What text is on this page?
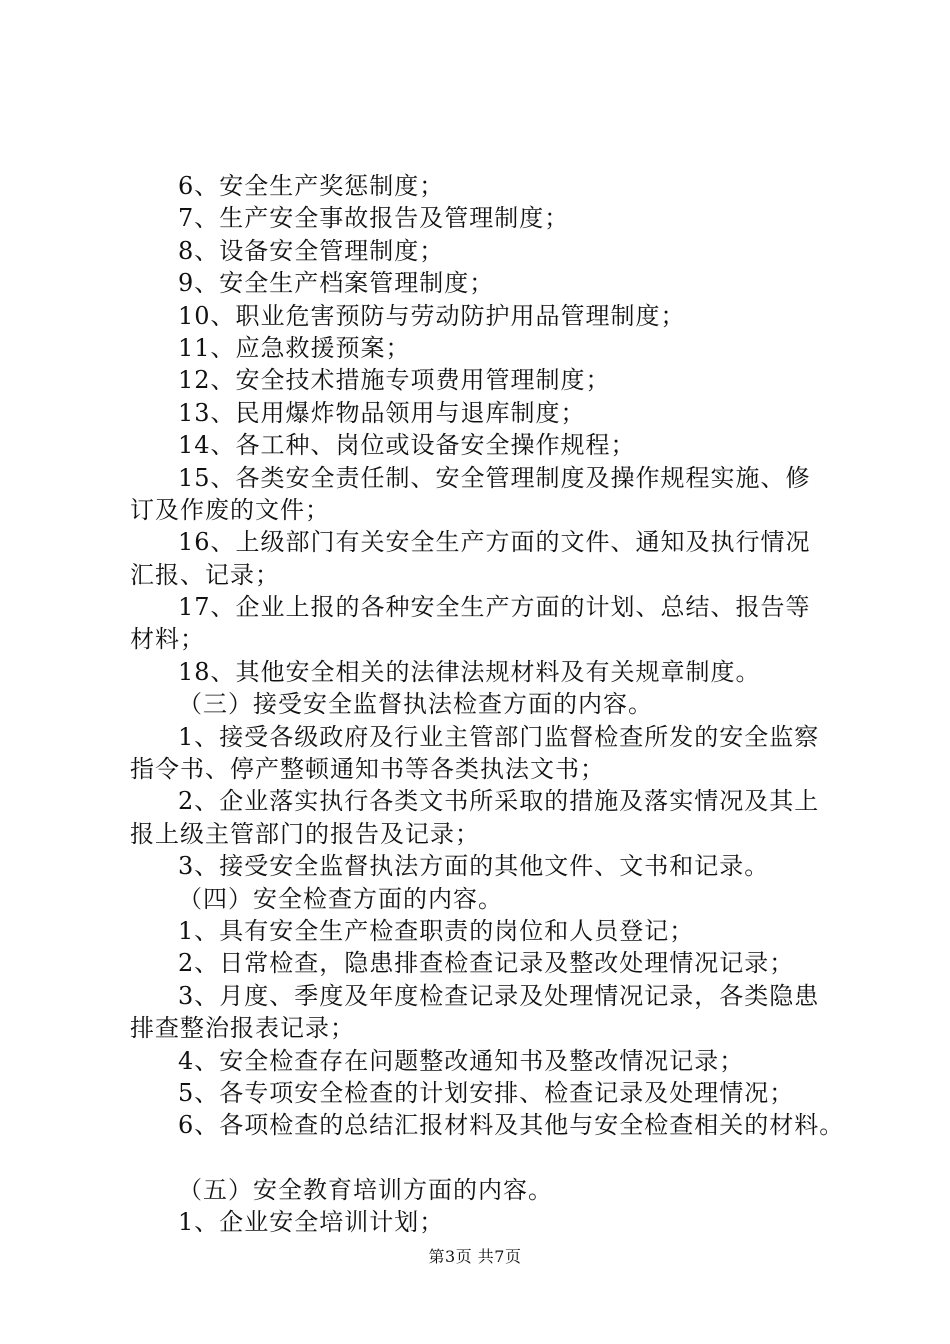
6、安全生产奖惩制度；
7、生产安全事故报告及管理制度；
8、设备安全管理制度；
9、安全生产档案管理制度；
10、职业危害预防与劳动防护用品管理制度；
11、应急救援预案；
12、安全技术措施专项费用管理制度；
13、民用爆炸物品领用与退库制度；
14、各工种、岗位或设备安全操作规程；
15、各类安全责任制、安全管理制度及操作规程实施、修
订及作废的文件；
16、上级部门有关安全生产方面的文件、通知及执行情况
汇报、记录；
17、企业上报的各种安全生产方面的计划、总结、报告等
材料；
18、其他安全相关的法律法规材料及有关规章制度。
（三）接受安全监督执法检查方面的内容。
1、接受各级政府及行业主管部门监督检查所发的安全监察
指令书、停产整顿通知书等各类执法文书；
2、企业落实执行各类文书所采取的措施及落实情况及其上
报上级主管部门的报告及记录；
3、接受安全监督执法方面的其他文件、文书和记录。
（四）安全检查方面的内容。
1、具有安全生产检查职责的岗位和人员登记；
2、日常检查，隐患排查检查记录及整改处理情况记录；
3、月度、季度及年度检查记录及处理情况记录，各类隐患
排查整治报表记录；
4、安全检查存在问题整改通知书及整改情况记录；
5、各专项安全检查的计划安排、检查记录及处理情况；
6、各项检查的总结汇报材料及其他与安全检查相关的材料。
（五）安全教育培训方面的内容。
1、企业安全培训计划；
第3页 共7页
